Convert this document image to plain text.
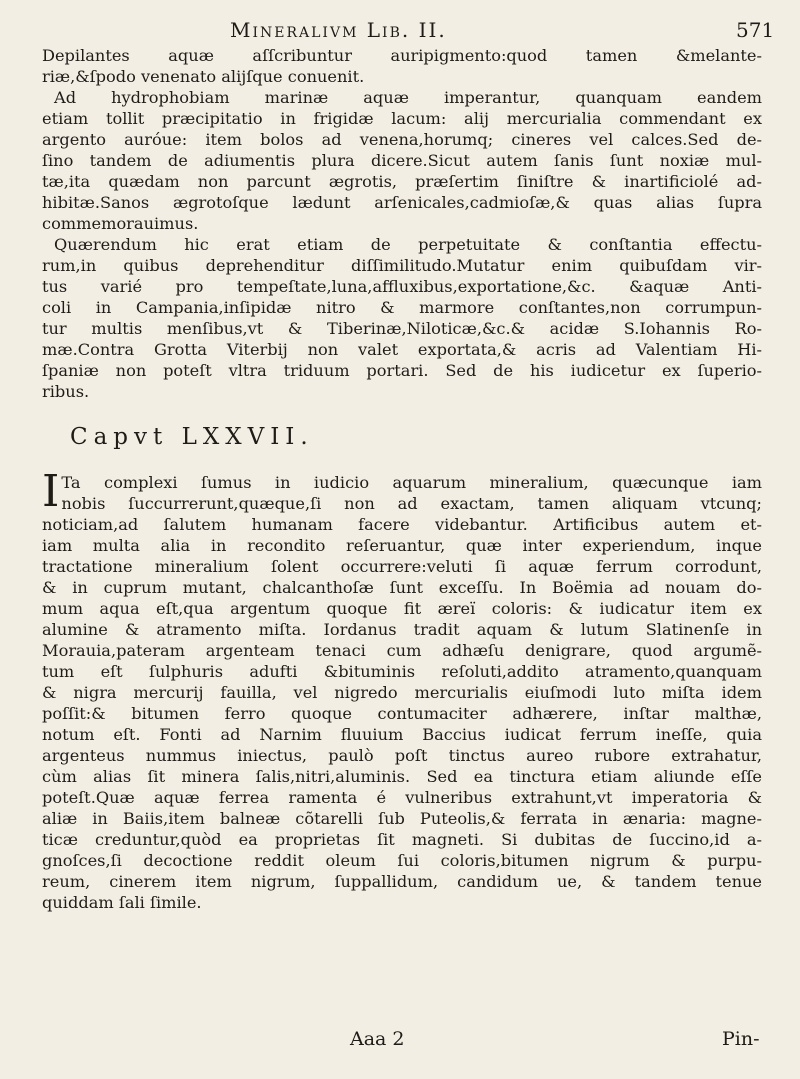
Mineralivm Lib. II.	571
Depilantes aquæ aſſcribuntur auripigmento:quod tamen &melante-
riæ,&ſpodo venenato alijſque conuenit.
Ad hydrophobiam marinæ aquæ imperantur, quanquam eandem
etiam tollit præcipitatio in frigidæ lacum: alij mercurialia commendant ex
argento auróue: item bolos ad venena,horumq; cineres vel calces.Sed de-
ſino tandem de adiumentis plura dicere.Sicut autem ſanis ſunt noxiæ mul-
tæ,ita quædam non parcunt ægrotis, præſertim ſiniſtre & inartificiolé ad-
hibitæ.Sanos ægrotoſque lædunt arſenicales,cadmioſæ,& quas alias ſupra
commemorauimus.
Quærendum hic erat etiam de perpetuitate & conſtantia effectu-
rum,in quibus deprehenditur diſſimilitudo.Mutatur enim quibuſdam vir-
tus varié pro tempeſtate,luna,affluxibus,exportatione,&c. &aquæ Anti-
coli in Campania,inſipidæ nitro & marmore conſtantes,non corrumpun-
tur multis menſibus,vt & Tiberinæ,Niloticæ,&c.& acidæ S.Iohannis Ro-
mæ.Contra Grotta Viterbij non valet exportata,& acris ad Valentiam Hi-
ſpaniæ non poteſt vltra triduum portari. Sed de his iudicetur ex ſuperio-
ribus.
Capvt LXXVII.
I Ta complexi ſumus in iudicio aquarum mineralium, quæcunque iam
nobis ſuccurrerunt,quæque,ſi non ad exactam, tamen aliquam vtcunq;
noticiam,ad ſalutem humanam facere videbantur. Artificibus autem et-
iam multa alia in recondito reſeruantur, quæ inter experiendum, inque
tractatione mineralium ſolent occurrere:veluti ſi aquæ ferrum corrodunt,
& in cuprum mutant, chalcanthoſæ ſunt exceſſu. In Boëmia ad nouam do-
mum aqua eſt,qua argentum quoque fit æreï coloris: & iudicatur item ex
alumine & atramento miſta. Iordanus tradit aquam & lutum Slatinenſe in
Morauia,pateram argenteam tenaci cum adhæſu denigrare, quod argumẽ-
tum eſt ſulphuris adufti &bituminis reſoluti,addito atramento,quanquam
& nigra mercurij fauilla, vel nigredo mercurialis eiuſmodi luto miſta idem
poſſit:& bitumen ferro quoque contumaciter adhærere, inſtar malthæ,
notum eſt. Fonti ad Narnim fluuium Baccius iudicat ferrum ineſſe, quia
argenteus nummus iniectus, paulò poſt tinctus aureo rubore extrahatur,
cùm alias ſit minera ſalis,nitri,aluminis. Sed ea tinctura etiam aliunde eſſe
poteſt.Quæ aquæ ferrea ramenta é vulneribus extrahunt,vt imperatoria &
aliæ in Baiis,item balneæ cõtarelli ſub Puteolis,& ferrata in ænaria: magne-
ticæ creduntur,quòd ea proprietas ſit magneti. Si dubitas de ſuccino,id a-
gnoſces,ſi decoctione reddit oleum ſui coloris,bitumen nigrum & purpu-
reum, cinerem item nigrum, ſuppallidum, candidum ue, & tandem tenue
quiddam ſali ſimile.
Aaa 2	Pin-
